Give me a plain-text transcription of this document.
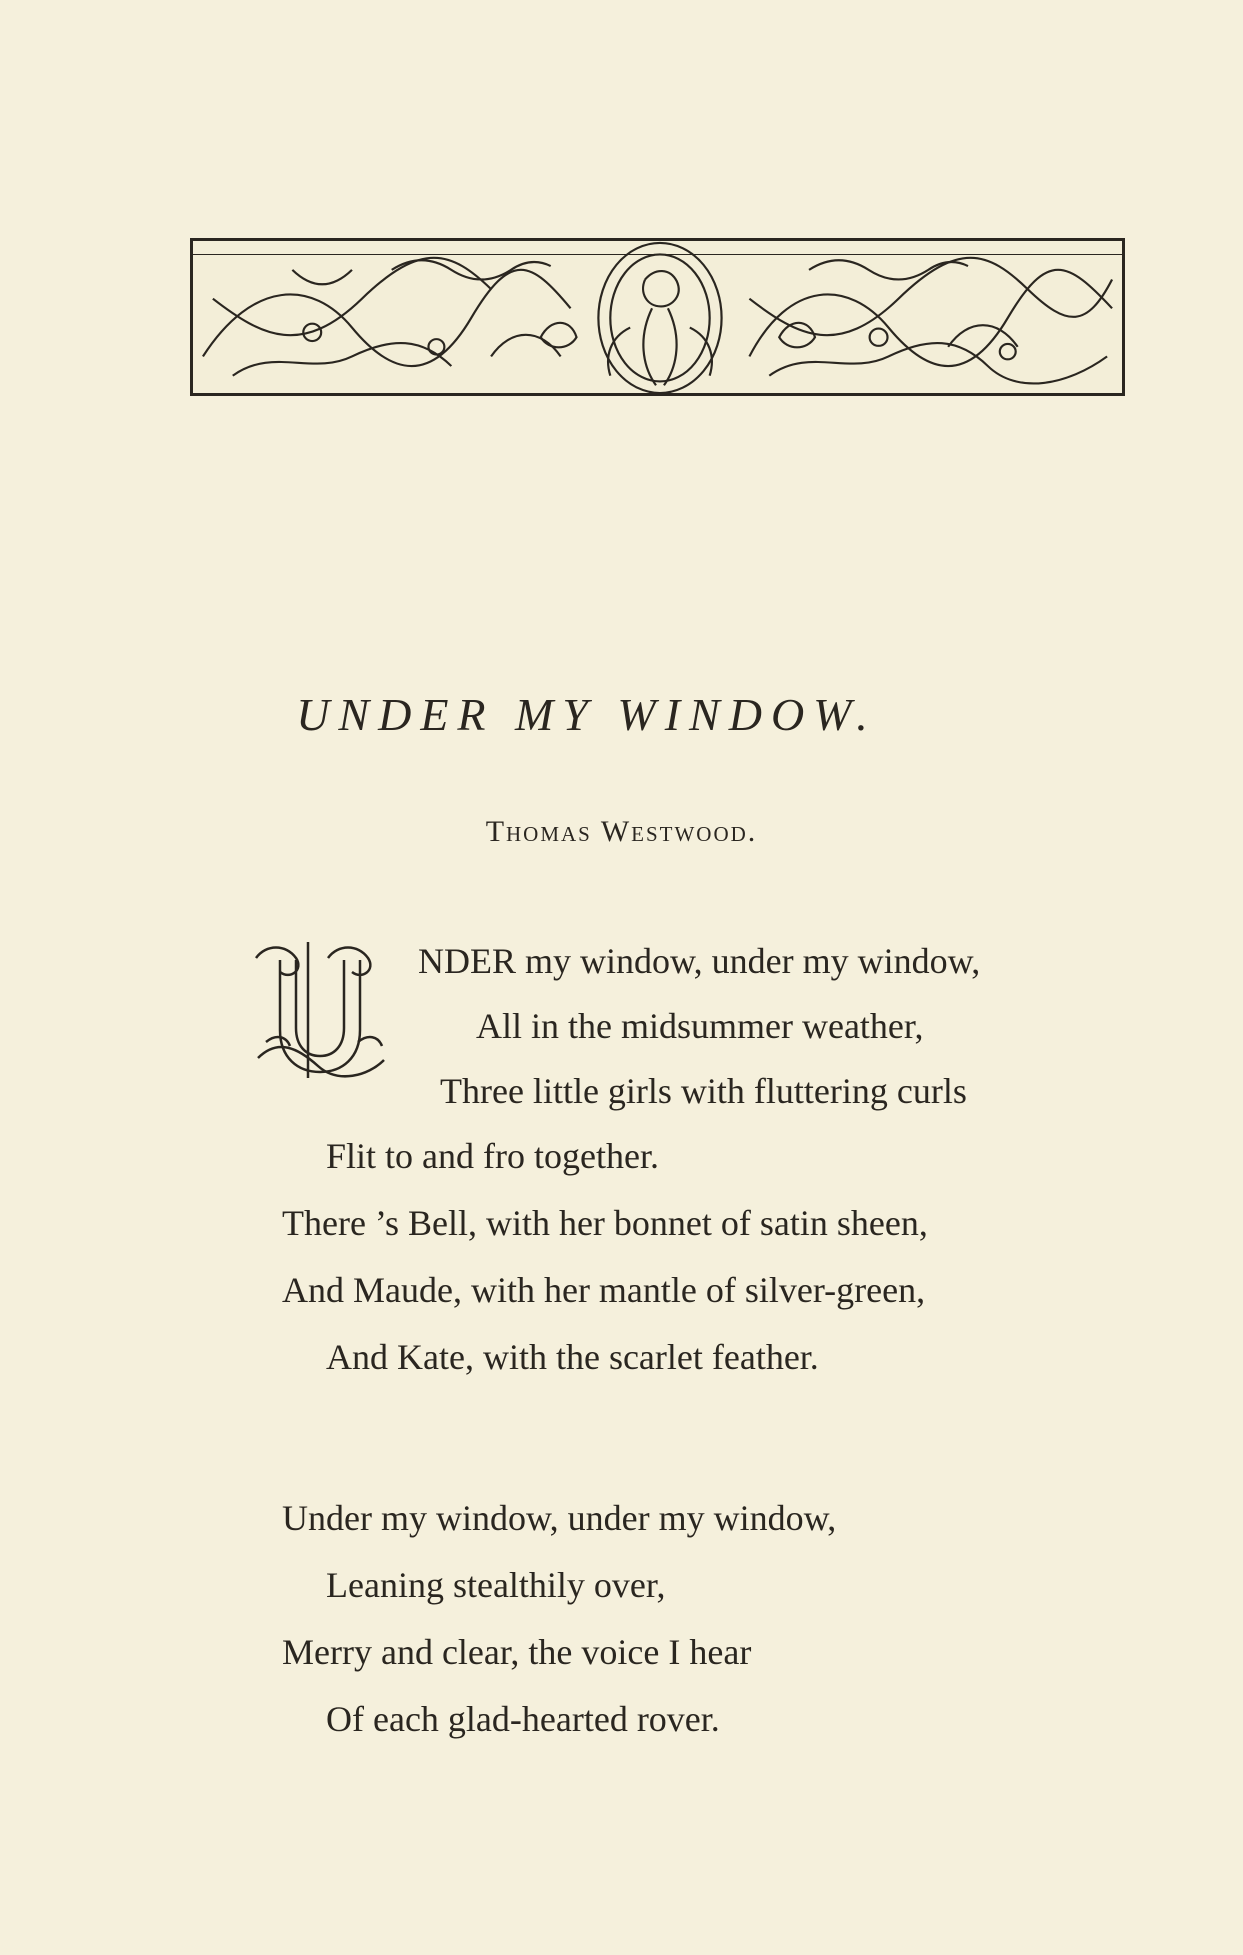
UNDER MY WINDOW.
Thomas Westwood.
NDER my window, under my window,
All in the midsummer weather,
Three little girls with fluttering curls
Flit to and fro together.
There ’s Bell, with her bonnet of satin sheen,
And Maude, with her mantle of silver-green,
And Kate, with the scarlet feather.
Under my window, under my window,
Leaning stealthily over,
Merry and clear, the voice I hear
Of each glad-hearted rover.
